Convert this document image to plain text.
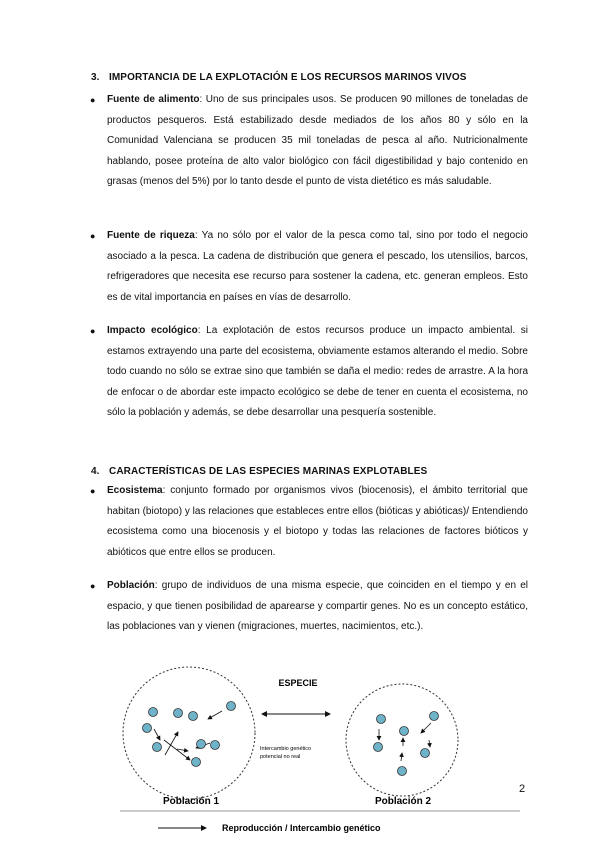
3. IMPORTANCIA DE LA EXPLOTACIÓN E LOS RECURSOS MARINOS VIVOS
● Fuente de alimento: Uno de sus principales usos. Se producen 90 millones de toneladas de productos pesqueros. Está estabilizado desde mediados de los años 80 y sólo en la Comunidad Valenciana se producen 35 mil toneladas de pesca al año. Nutricionalmente hablando, posee proteína de alto valor biológico con fácil digestibilidad y bajo contenido en grasas (menos del 5%) por lo tanto desde el punto de vista dietético es más saludable.
● Fuente de riqueza: Ya no sólo por el valor de la pesca como tal, sino por todo el negocio asociado a la pesca. La cadena de distribución que genera el pescado, los utensilios, barcos, refrigeradores que necesita ese recurso para sostener la cadena, etc. generan empleos. Esto es de vital importancia en países en vías de desarrollo.
● Impacto ecológico: La explotación de estos recursos produce un impacto ambiental. si estamos extrayendo una parte del ecosistema, obviamente estamos alterando el medio. Sobre todo cuando no sólo se extrae sino que también se daña el medio: redes de arrastre. A la hora de enfocar o de abordar este impacto ecológico se debe de tener en cuenta el ecosistema, no sólo la población y además, se debe desarrollar una pesquería sostenible.
4. CARACTERÍSTICAS DE LAS ESPECIES MARINAS EXPLOTABLES
● Ecosistema: conjunto formado por organismos vivos (biocenosis), el ámbito territorial que habitan (biotopo) y las relaciones que estableces entre ellos (bióticas y abióticas)/ Entendiendo ecosistema como una biocenosis y el biotopo y todas las relaciones de factores bióticos y abióticos que entre ellos se producen.
● Población: grupo de individuos de una misma especie, que coinciden en el tiempo y en el espacio, y que tienen posibilidad de aparearse y compartir genes. No es un concepto estático, las poblaciones van y vienen (migraciones, muertes, nacimientos, etc.).
ESPECIE
Intercambio genético
potencial no real
Población 1	Población 2
Reproducción / Intercambio genético
2
